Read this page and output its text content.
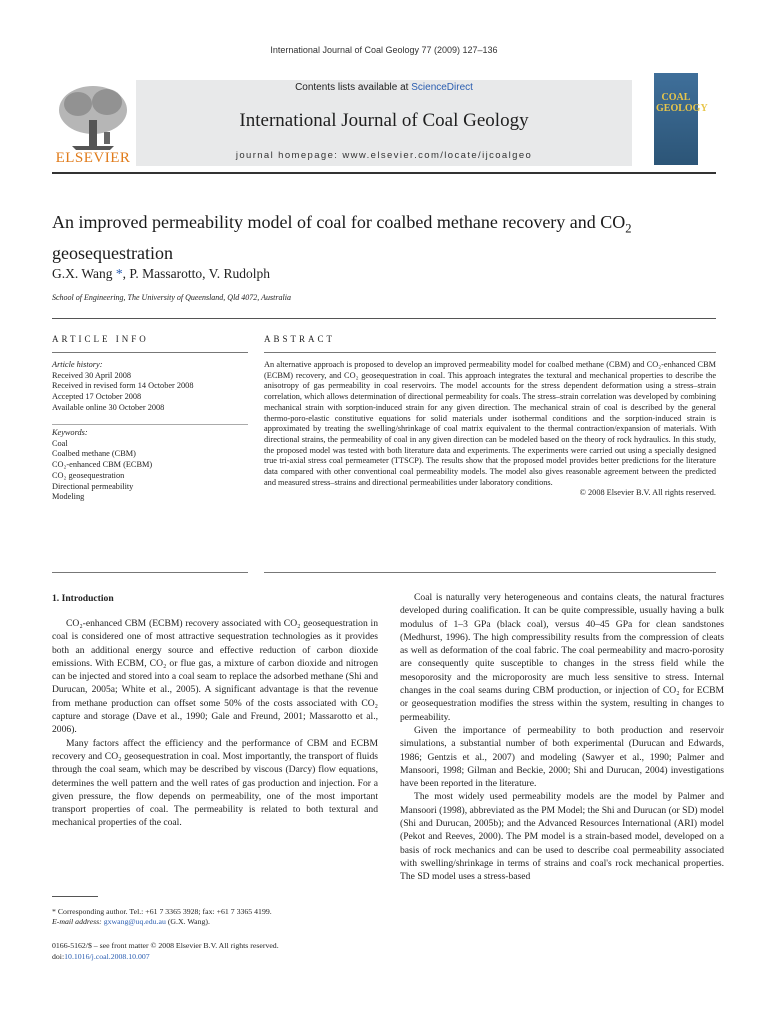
International Journal of Coal Geology 77 (2009) 127–136
Contents lists available at ScienceDirect
International Journal of Coal Geology
journal homepage: www.elsevier.com/locate/ijcoalgeo
ELSEVIER
COAL GEOLOGY
An improved permeability model of coal for coalbed methane recovery and $CO_2$ geosequestration
G.X. Wang *, P. Massarotto, V. Rudolph
School of Engineering, The University of Queensland, Qld 4072, Australia
ARTICLE INFO	ABSTRACT
Article history:
Received 30 April 2008
Received in revised form 14 October 2008
Accepted 17 October 2008
Available online 30 October 2008
Keywords:
Coal
Coalbed methane (CBM)
CO₂-enhanced CBM (ECBM)
CO₂ geosequestration
Directional permeability
Modeling
An alternative approach is proposed to develop an improved permeability model for coalbed methane (CBM) and CO₂-enhanced CBM (ECBM) recovery, and CO₂ geosequestration in coal. This approach integrates the textural and mechanical properties to describe the anisotropy of gas permeability in coal reservoirs. The model accounts for the stress dependent deformation using a stress–strain correlation, which allows determination of directional permeability for coals. The stress–strain correlation was developed by combining mechanical strain with sorption-induced strain for any given direction. The mechanical strain of coal is described by the general thermo-poro-elastic constitutive equations for solid materials under isothermal conditions and the sorption-induced strain is approximated by treating the swelling/shrinkage of coal matrix equivalent to the thermal contraction/expansion of materials. With directional strains, the permeability of coal in any given direction can be modeled based on the theory of rock hydraulics. In this study, the proposed model was tested with both literature data and experiments. The experiments were carried out using a specially designed true tri-axial stress coal permeameter (TTSCP). The results show that the proposed model provides better predictions for the literature data compared with other conventional coal permeability models. The model also gives reasonable agreement between the predicted and measured stress–strains and directional permeabilities under laboratory conditions.
© 2008 Elsevier B.V. All rights reserved.
1. Introduction

CO₂-enhanced CBM (ECBM) recovery associated with CO₂ geosequestration in coal is considered one of most attractive sequestration technologies as it provides both an additional energy source and effective reduction of carbon dioxide emissions. With ECBM, CO₂ or flue gas, a mixture of carbon dioxide and nitrogen can be injected and stored into a coal seam to replace the adsorbed methane (Shi and Durucan, 2005a; White et al., 2005). A significant advantage is that the revenue from methane production can offset some 50% of the costs associated with CO₂ capture and storage (Dave et al., 1990; Gale and Freund, 2001; Massarotto et al., 2006).

Many factors affect the efficiency and the performance of CBM and ECBM recovery and CO₂ geosequestration in coal. Most importantly, the transport of fluids through the coal seam, which may be described by viscous (Darcy) flow equations, determines the well pattern and the well rates of gas production and injection. For a given pressure, the flow depends on permeability, one of the most important transport properties of coal. The permeability is related to both textural and mechanical properties of the coal.

Coal is naturally very heterogeneous and contains cleats, the natural fractures developed during coalification. It can be quite compressible, usually having a bulk modulus of 1–3 GPa (black coal), versus 40–45 GPa for clean sandstones (Medhurst, 1996). The high compressibility results from the compression of cleats as well as deformation of the coal fabric. The coal permeability and macro-porosity are consequently quite susceptible to changes in the stress field while the mesoporosity and the microporosity are much less sensitive to stress. Internal changes in the coal seams during CBM production, or injection of CO₂ for ECBM or geosequestration modifies the stress within the system, resulting in changes to permeability.

Given the importance of permeability to both production and reservoir simulations, a substantial number of both experimental (Durucan and Edwards, 1986; Gentzis et al., 2007) and modeling (Sawyer et al., 1990; Palmer and Mansoori, 1998; Gilman and Beckie, 2000; Shi and Durucan, 2004) investigations have been reported in the literature.

The most widely used permeability models are the model by Palmer and Mansoori (1998), abbreviated as the PM Model; the Shi and Durucan (or SD) model (Shi and Durucan, 2005b); and the Advanced Resources International (ARI) model (Pekot and Reeves, 2000). The PM model is a strain-based model, developed on a basis of rock mechanics and can be used to describe coal permeability associated with swelling/shrinkage in terms of strains and coal's rock mechanical properties. The SD model uses a stress-based

* Corresponding author. Tel.: +61 7 3365 3928; fax: +61 7 3365 4199.
E-mail address: gxwang@uq.edu.au (G.X. Wang).
0166-5162/$ – see front matter © 2008 Elsevier B.V. All rights reserved.
doi:10.1016/j.coal.2008.10.007
